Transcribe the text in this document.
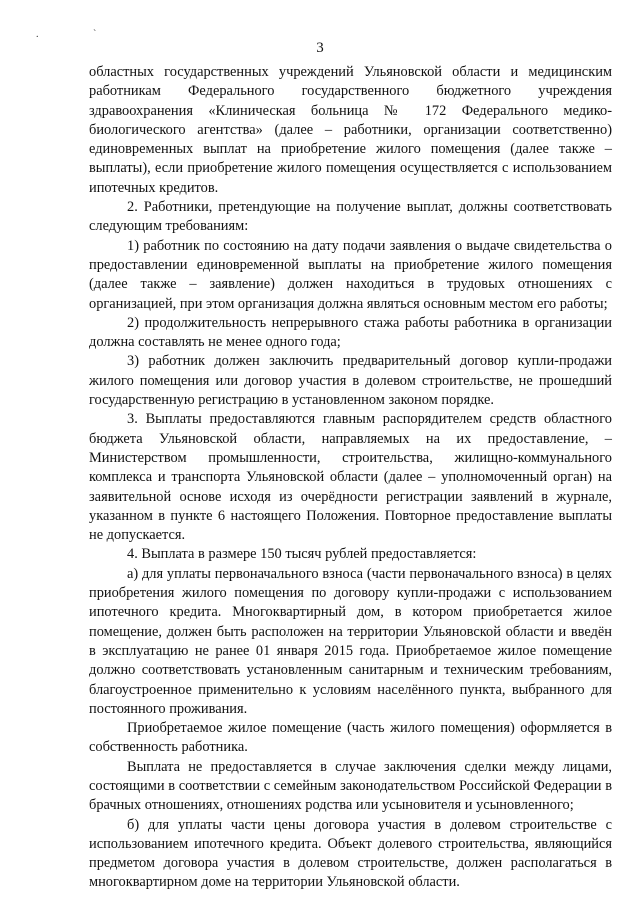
. `
3

областных государственных учреждений Ульяновской области и медицинским работникам Федерального государственного бюджетного учреждения здравоохранения «Клиническая больница № 172 Федерального медико-биологического агентства» (далее – работники, организации соответственно) единовременных выплат на приобретение жилого помещения (далее также – выплаты), если приобретение жилого помещения осуществляется с использованием ипотечных кредитов.

2. Работники, претендующие на получение выплат, должны соответствовать следующим требованиям:

1) работник по состоянию на дату подачи заявления о выдаче свидетельства о предоставлении единовременной выплаты на приобретение жилого помещения (далее также – заявление) должен находиться в трудовых отношениях с организацией, при этом организация должна являться основным местом его работы;

2) продолжительность непрерывного стажа работы работника в организации должна составлять не менее одного года;

3) работник должен заключить предварительный договор купли-продажи жилого помещения или договор участия в долевом строительстве, не прошедший государственную регистрацию в установленном законом порядке.

3. Выплаты предоставляются главным распорядителем средств областного бюджета Ульяновской области, направляемых на их предоставление, – Министерством промышленности, строительства, жилищно-коммунального комплекса и транспорта Ульяновской области (далее – уполномоченный орган) на заявительной основе исходя из очерёдности регистрации заявлений в журнале, указанном в пункте 6 настоящего Положения. Повторное предоставление выплаты не допускается.

4. Выплата в размере 150 тысяч рублей предоставляется:

а) для уплаты первоначального взноса (части первоначального взноса) в целях приобретения жилого помещения по договору купли-продажи с использованием ипотечного кредита. Многоквартирный дом, в котором приобретается жилое помещение, должен быть расположен на территории Ульяновской области и введён в эксплуатацию не ранее 01 января 2015 года. Приобретаемое жилое помещение должно соответствовать установленным санитарным и техническим требованиям, благоустроенное применительно к условиям населённого пункта, выбранного для постоянного проживания.

Приобретаемое жилое помещение (часть жилого помещения) оформляется в собственность работника.

Выплата не предоставляется в случае заключения сделки между лицами, состоящими в соответствии с семейным законодательством Российской Федерации в брачных отношениях, отношениях родства или усыновителя и усыновленного;

б) для уплаты части цены договора участия в долевом строительстве с использованием ипотечного кредита. Объект долевого строительства, являющийся предметом договора участия в долевом строительстве, должен располагаться в многоквартирном доме на территории Ульяновской области.
